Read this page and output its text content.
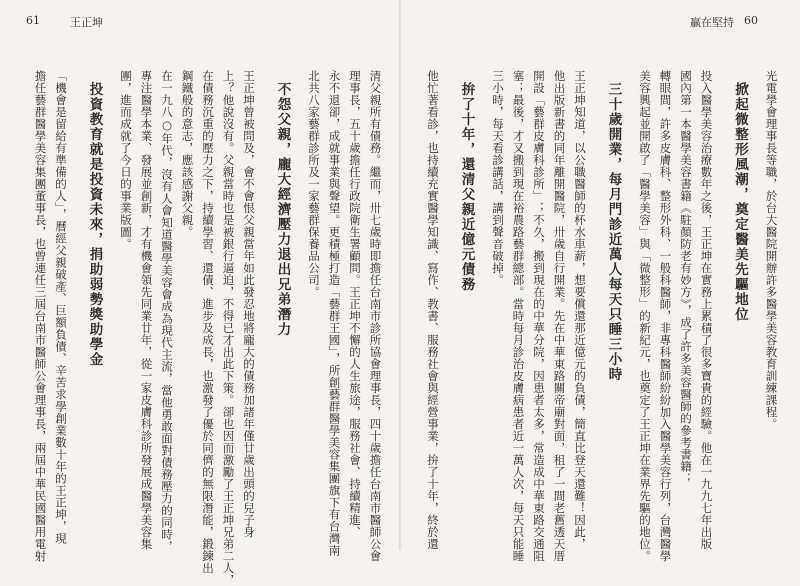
61	王正坤	贏在堅持 60
光電學會理事長等職，於台大醫院開辦許多醫學美容教育訓練課程。
掀起微整形風潮，奠定醫美先驅地位
投入醫學美容治療數年之後，王正坤在實務上累積了很多寶貴的經驗。他在一九九七年出版
國內第一本醫學美容書籍《駐顏防老有妙方》，成了許多美容醫師的參考書籍；
轉眼間，許多皮膚科、整形外科、一般科醫師，非專科醫師紛紛加入醫學美容行列，台灣醫學
美容興起並開啟了「醫學美容」與「微整形」的新紀元，也奠定了王正坤在業界先驅的地位。
三十歲開業，每月門診近萬人每天只睡三小時
王正坤知道，以公職醫師的杯水車薪，想要償還那近億元的負債，簡直比登天還難！因此，
他出版新書的同年離開醫院，卅歲自行開業。先在中華東路關帝廟對面，租了一間老舊透天厝
開設「藝群皮膚科診所」；不久，搬到現在的中華分院，因患者太多，常造成中華東路交通阻
塞；最後，才又搬到現在裕農路藝群總部。當時每月診治皮膚病患者近一萬人次，每天只能睡
三小時，每天看診講話，講到聲音破掉。
拚了十年，還清父親近億元債務
他忙著看診，也持續充實醫學知識、寫作、教書、服務社會與經營事業，拚了十年，終於還
清父親所有債務。繼而，卅七歲時即擔任台南市診所協會理事長，四十歲擔任台南市醫師公會
理事長，五十歲擔任行政院衛生署顧問。王正坤不懈的人生旅途，服務社會、持續精進、
永不退卻，成就事業與聲望。更積極打造「藝群王國」，所創藝群醫學美容集團旗下有台灣南
北共八家藝群診所及一家藝群保養品公司。
不怨父親，龐大經濟壓力退出兄弟潛力
王正坤曾被問及，會不會恨父親當年如此發忍地將龐大的債務加諸年僅廿歲出頭的兒子身
上？他說沒有。父親當時也是被銀行逼迫，不得已才出此下策。卻也因而激勵了王正坤兄弟二人，
在債務沉重的壓力之下，持續學習、還債、進步及成長，也激發了優於同儕的無限潛能，鍛鍊出
鋼鐵般的意志，應該感謝父親。
在一九八○年代，沒有人會知道醫學美容會成為現代主流，當他勇敢面對債務壓力的同時，
專注醫學本業、發展並創新，才有機會領先同業廿年，從一家皮膚科診所發展成醫學美容集
團，進而成就了今日的事業版圖。
投資教育就是投資未來，捐助弱勢獎助學金
「機會是留給有準備的人」，曆經父親破產、巨額負債、辛苦求學創業數十年的王正坤，現
擔任藝群醫學美容集團董事長，也曾連任三屆台南市醫師公會理事長，兩屆中華民國醫用電射
